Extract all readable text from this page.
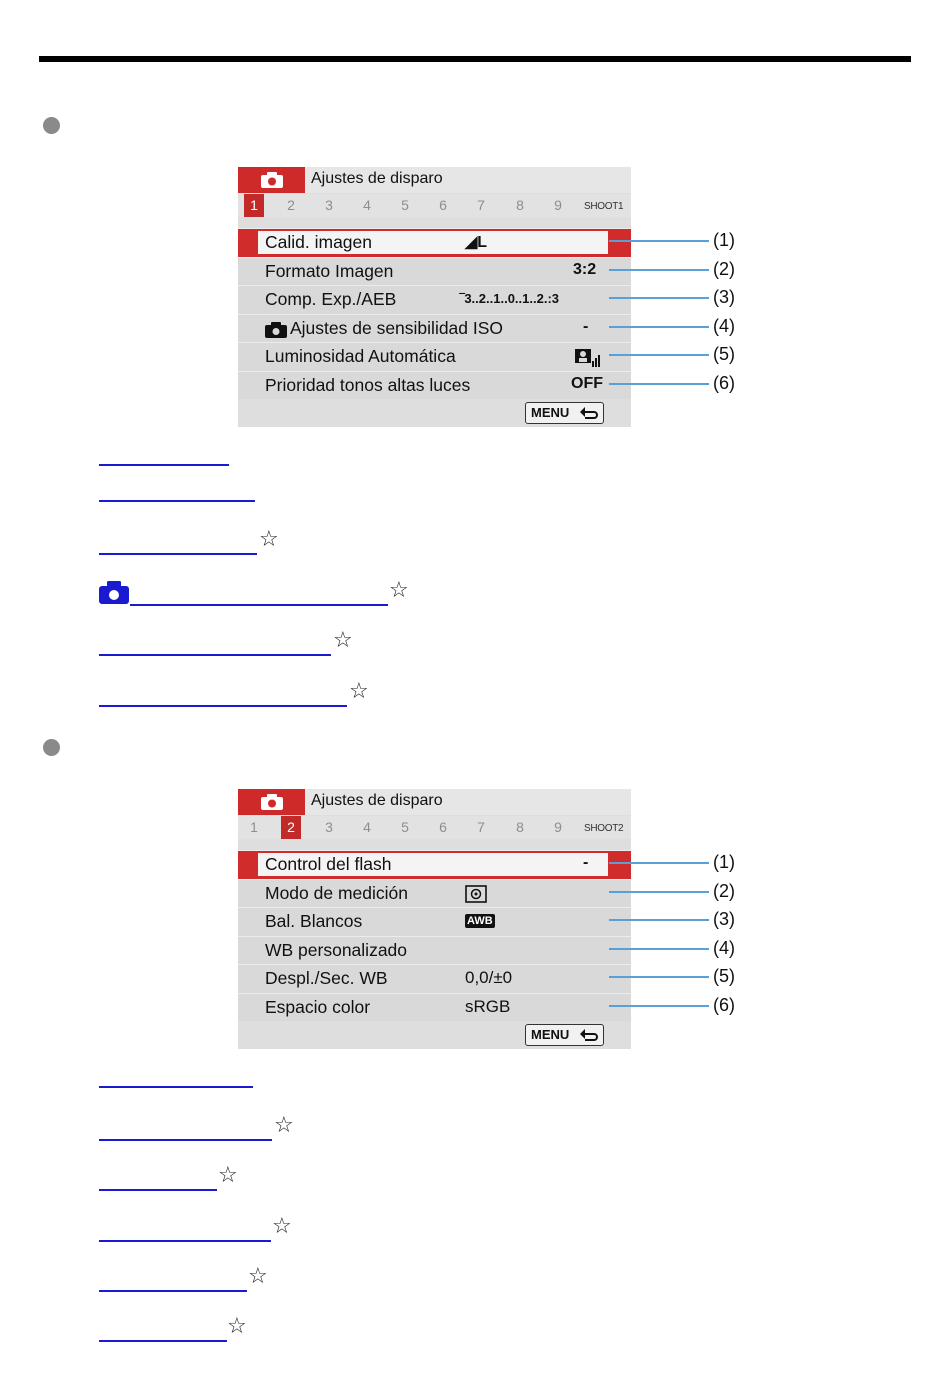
Ajustes de disparo
1	2	3	4	5	6	7	8	9	SHOOT1
Calid. imagen	◢L
Formato Imagen	3:2
Comp. Exp./AEB	‾3..2..1..0..1..2.:3
Ajustes de sensibilidad ISO	-
Luminosidad Automática
Prioridad tonos altas luces	OFF
MENU
(1)
(2)
(3)
(4)
(5)
(6)
☆
☆
☆
☆
Ajustes de disparo
1	2	3	4	5	6	7	8	9	SHOOT2
Control del flash	-
Modo de medición
Bal. Blancos	AWB
WB personalizado
Despl./Sec. WB	0,0/±0
Espacio color	sRGB
MENU
(1)
(2)
(3)
(4)
(5)
(6)
☆
☆
☆
☆
☆
